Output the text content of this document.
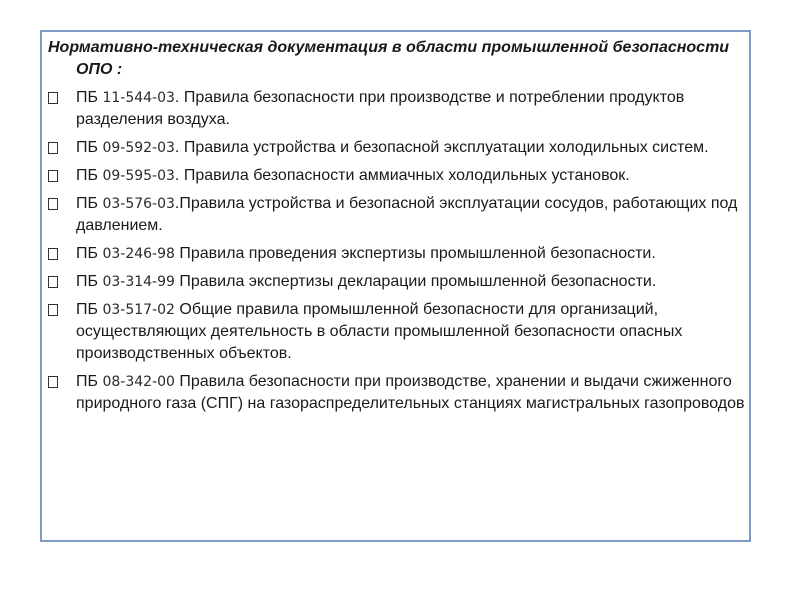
Нормативно-техническая документация в области промышленной безопасности ОПО :
ПБ 11-544-03. Правила безопасности при производстве и потреблении продуктов разделения воздуха.
ПБ 09-592-03. Правила устройства и безопасной эксплуатации холодильных систем.
ПБ 09-595-03. Правила безопасности аммиачных холодильных установок.
ПБ 03-576-03.Правила устройства и безопасной эксплуатации сосудов, работающих под давлением.
ПБ 03-246-98 Правила проведения экспертизы промышленной безопасности.
ПБ 03-314-99 Правила экспертизы декларации промышленной безопасности.
ПБ 03-517-02 Общие правила промышленной безопасности для организаций, осуществляющих деятельность в области промышленной безопасности опасных производственных объектов.
ПБ 08-342-00 Правила безопасности при производстве, хранении и выдачи сжиженного природного газа (СПГ) на газораспределительных станциях магистральных газопроводов
